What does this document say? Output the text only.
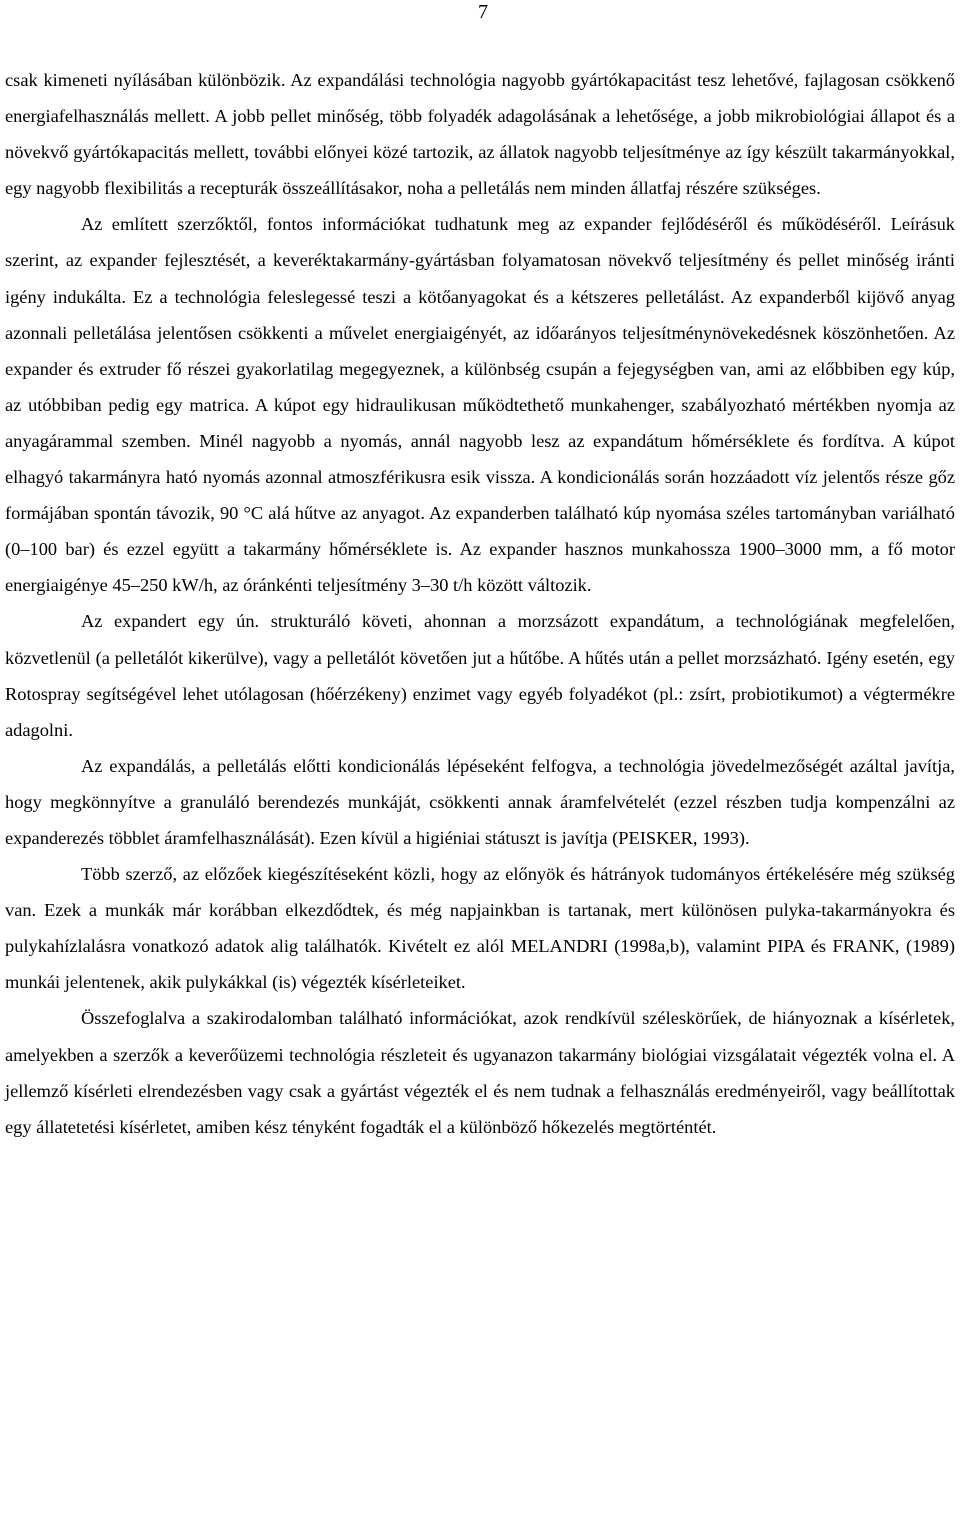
7

csak kimeneti nyílásában különbözik. Az expandálási technológia nagyobb gyártókapacitást tesz lehetővé, fajlagosan csökkenő energiafelhasználás mellett. A jobb pellet minőség, több folyadék adagolásának a lehetősége, a jobb mikrobiológiai állapot és a növekvő gyártókapacitás mellett, további előnyei közé tartozik, az állatok nagyobb teljesítménye az így készült takarmányokkal, egy nagyobb flexibilitás a recepturák összeállításakor, noha a pelletálás nem minden állatfaj részére szükséges.

Az említett szerzőktől, fontos információkat tudhatunk meg az expander fejlődéséről és működéséről. Leírásuk szerint, az expander fejlesztését, a keveréktakarmány-gyártásban folyamatosan növekvő teljesítmény és pellet minőség iránti igény indukálta. Ez a technológia feleslegessé teszi a kötőanyagokat és a kétszeres pelletálást. Az expanderből kijövő anyag azonnali pelletálása jelentősen csökkenti a művelet energiaigényét, az időarányos teljesítménynövekedésnek köszönhetően. Az expander és extruder fő részei gyakorlatilag megegyeznek, a különbség csupán a fejegységben van, ami az előbbiben egy kúp, az utóbbiban pedig egy matrica. A kúpot egy hidraulikusan működtethető munkahenger, szabályozható mértékben nyomja az anyagárammal szemben. Minél nagyobb a nyomás, annál nagyobb lesz az expandátum hőmérséklete és fordítva. A kúpot elhagyó takarmányra ható nyomás azonnal atmoszférikusra esik vissza. A kondicionálás során hozzáadott víz jelentős része gőz formájában spontán távozik, 90 °C alá hűtve az anyagot. Az expanderben található kúp nyomása széles tartományban variálható (0–100 bar) és ezzel együtt a takarmány hőmérséklete is. Az expander hasznos munkahossza 1900–3000 mm, a fő motor energiaigénye 45–250 kW/h, az óránkénti teljesítmény 3–30 t/h között változik.

Az expandert egy ún. strukturáló követi, ahonnan a morzsázott expandátum, a technológiának megfelelően, közvetlenül (a pelletálót kikerülve), vagy a pelletálót követően jut a hűtőbe. A hűtés után a pellet morzsázható. Igény esetén, egy Rotospray segítségével lehet utólagosan (hőérzékeny) enzimet vagy egyéb folyadékot (pl.: zsírt, probiotikumot) a végtermékre adagolni.

Az expandálás, a pelletálás előtti kondicionálás lépéseként felfogva, a technológia jövedelmezőségét azáltal javítja, hogy megkönnyítve a granuláló berendezés munkáját, csökkenti annak áramfelvételét (ezzel részben tudja kompenzálni az expanderezés többlet áramfelhasználását). Ezen kívül a higiéniai státuszt is javítja (PEISKER, 1993).

Több szerző, az előzőek kiegészítéseként közli, hogy az előnyök és hátrányok tudományos értékelésére még szükség van. Ezek a munkák már korábban elkezdődtek, és még napjainkban is tartanak, mert különösen pulyka-takarmányokra és pulykahízlalásra vonatkozó adatok alig találhatók. Kivételt ez alól MELANDRI (1998a,b), valamint PIPA és FRANK, (1989) munkái jelentenek, akik pulykákkal (is) végezték kísérleteiket.

Összefoglalva a szakirodalomban található információkat, azok rendkívül széleskörűek, de hiányoznak a kísérletek, amelyekben a szerzők a keverőüzemi technológia részleteit és ugyanazon takarmány biológiai vizsgálatait végezték volna el. A jellemző kísérleti elrendezésben vagy csak a gyártást végezték el és nem tudnak a felhasználás eredményeiről, vagy beállítottak egy állatetetési kísérletet, amiben kész tényként fogadták el a különböző hőkezelés megtörténtét.
